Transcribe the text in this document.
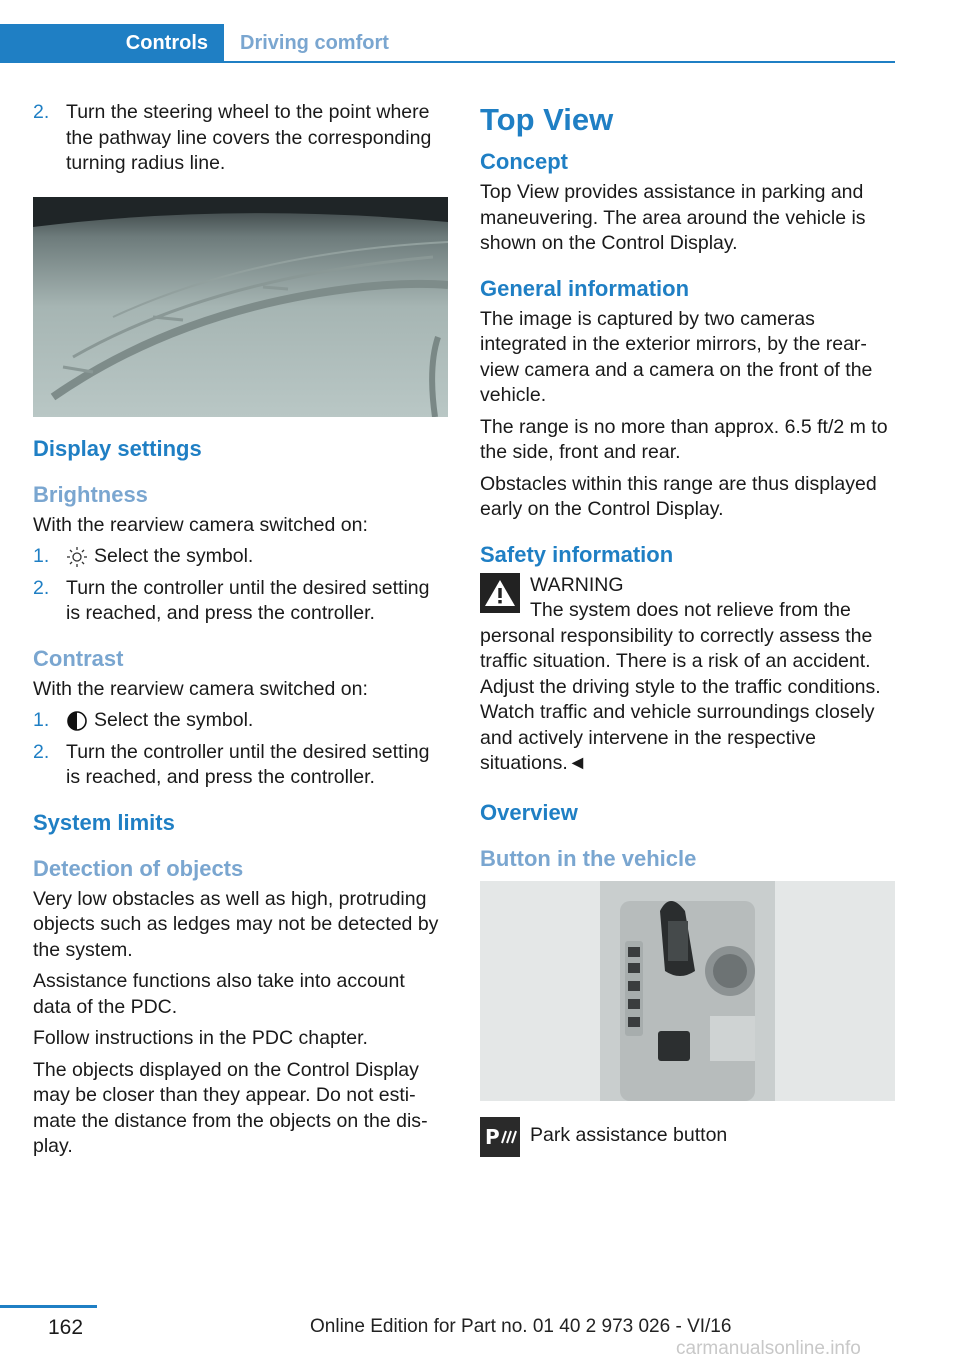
Controls	Driving comfort
2. Turn the steering wheel to the point where the pathway line covers the corresponding turning radius line.
Display settings
Brightness

With the rearview camera switched on:

1.	Select the symbol.
2. Turn the controller until the desired setting is reached, and press the controller.
Contrast

With the rearview camera switched on:

1.	Select the symbol.
2. Turn the controller until the desired setting is reached, and press the controller.
System limits
Detection of objects

Very low obstacles as well as high, protruding objects such as ledges may not be detected by the system.

Assistance functions also take into account data of the PDC.

Follow instructions in the PDC chapter.

The objects displayed on the Control Display may be closer than they appear. Do not estimate the distance from the objects on the display.

Top View
Concept

Top View provides assistance in parking and maneuvering. The area around the vehicle is shown on the Control Display.

General information

The image is captured by two cameras integrated in the exterior mirrors, by the rearview camera and a camera on the front of the vehicle.

The range is no more than approx. 6.5 ft/2 m to the side, front and rear.

Obstacles within this range are thus displayed early on the Control Display.

Safety information
WARNING
The system does not relieve from the
personal responsibility to correctly assess the traffic situation. There is a risk of an accident. Adjust the driving style to the traffic conditions. Watch traffic and vehicle surroundings closely and actively intervene in the respective situations.◄
Overview
Button in the vehicle
P Park assistance button
162	Online Edition for Part no. 01 40 2 973 026 - VI/16
carmanualsonline.info
